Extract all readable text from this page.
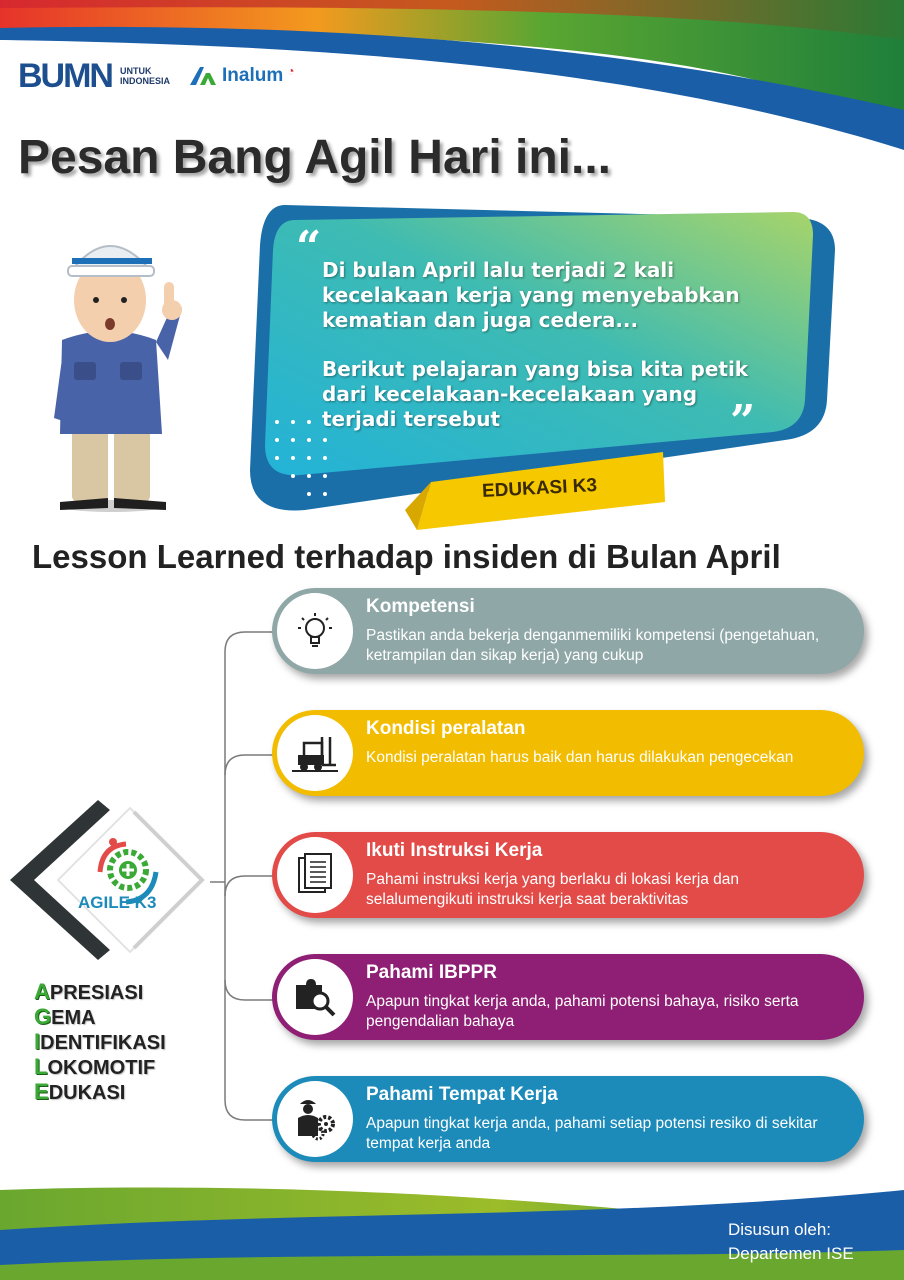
BUMN UNTUK
INDONESIA	Inalum ◔
Pesan Bang Agil Hari ini...
“
”

Di bulan April lalu terjadi 2 kali kecelakaan kerja yang menyebabkan kematian dan juga cedera...

Berikut pelajaran yang bisa kita petik dari kecelakaan-kecelakaan yang terjadi tersebut

EDUKASI K3
Lesson Learned terhadap insiden di Bulan April
AGILE K3
APRESIASI
GEMA
IDENTIFIKASI
LOKOMOTIF
EDUKASI
Kompetensi
Pastikan anda bekerja denganmemiliki kompetensi (pengetahuan, ketrampilan dan sikap kerja) yang cukup
Kondisi peralatan
Kondisi peralatan harus baik dan harus dilakukan pengecekan
Ikuti Instruksi Kerja
Pahami instruksi kerja yang berlaku di lokasi kerja dan selalumengikuti instruksi kerja saat beraktivitas
Pahami IBPPR
Apapun tingkat kerja anda, pahami potensi bahaya, risiko serta pengendalian bahaya
Pahami Tempat Kerja
Apapun tingkat kerja anda, pahami setiap potensi resiko di sekitar tempat kerja anda
Disusun oleh:
Departemen ISE
